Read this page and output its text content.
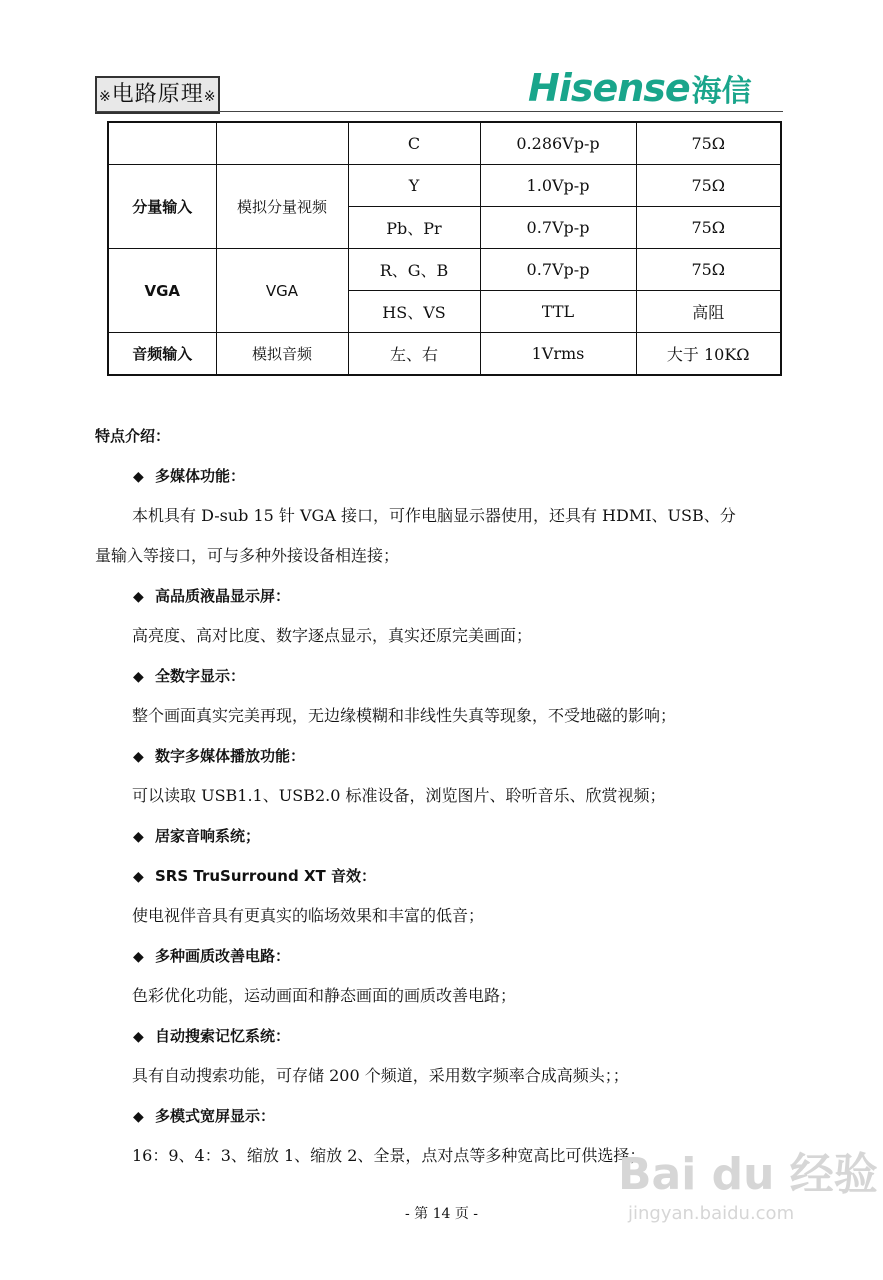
※电路原理※	Hisense海信
		C	0.286Vp-p	75Ω
分量输入	模拟分量视频	Y	1.0Vp-p	75Ω
		Pb、Pr	0.7Vp-p	75Ω
VGA	VGA	R、G、B	0.7Vp-p	75Ω
		HS、VS	TTL	高阻
音频输入	模拟音频	左、右	1Vrms	大于 10KΩ
特点介绍：
◆ 多媒体功能：
本机具有 D-sub 15 针 VGA 接口，可作电脑显示器使用，还具有 HDMI、USB、分
量输入等接口，可与多种外接设备相连接；
◆ 高品质液晶显示屏：
高亮度、高对比度、数字逐点显示，真实还原完美画面；
◆ 全数字显示：
整个画面真实完美再现，无边缘模糊和非线性失真等现象，不受地磁的影响；
◆ 数字多媒体播放功能：
可以读取 USB1.1、USB2.0 标准设备，浏览图片、聆听音乐、欣赏视频；
◆ 居家音响系统；
◆ SRS TruSurround XT 音效：
使电视伴音具有更真实的临场效果和丰富的低音；
◆ 多种画质改善电路：
色彩优化功能，运动画面和静态画面的画质改善电路；
◆ 自动搜索记忆系统：
具有自动搜索功能，可存储 200 个频道，采用数字频率合成高频头；；
◆ 多模式宽屏显示：
16：9、4：3、缩放 1、缩放 2、全景，点对点等多种宽高比可供选择；
Bai du 经验
jingyan.baidu.com
- 第 14 页 -
